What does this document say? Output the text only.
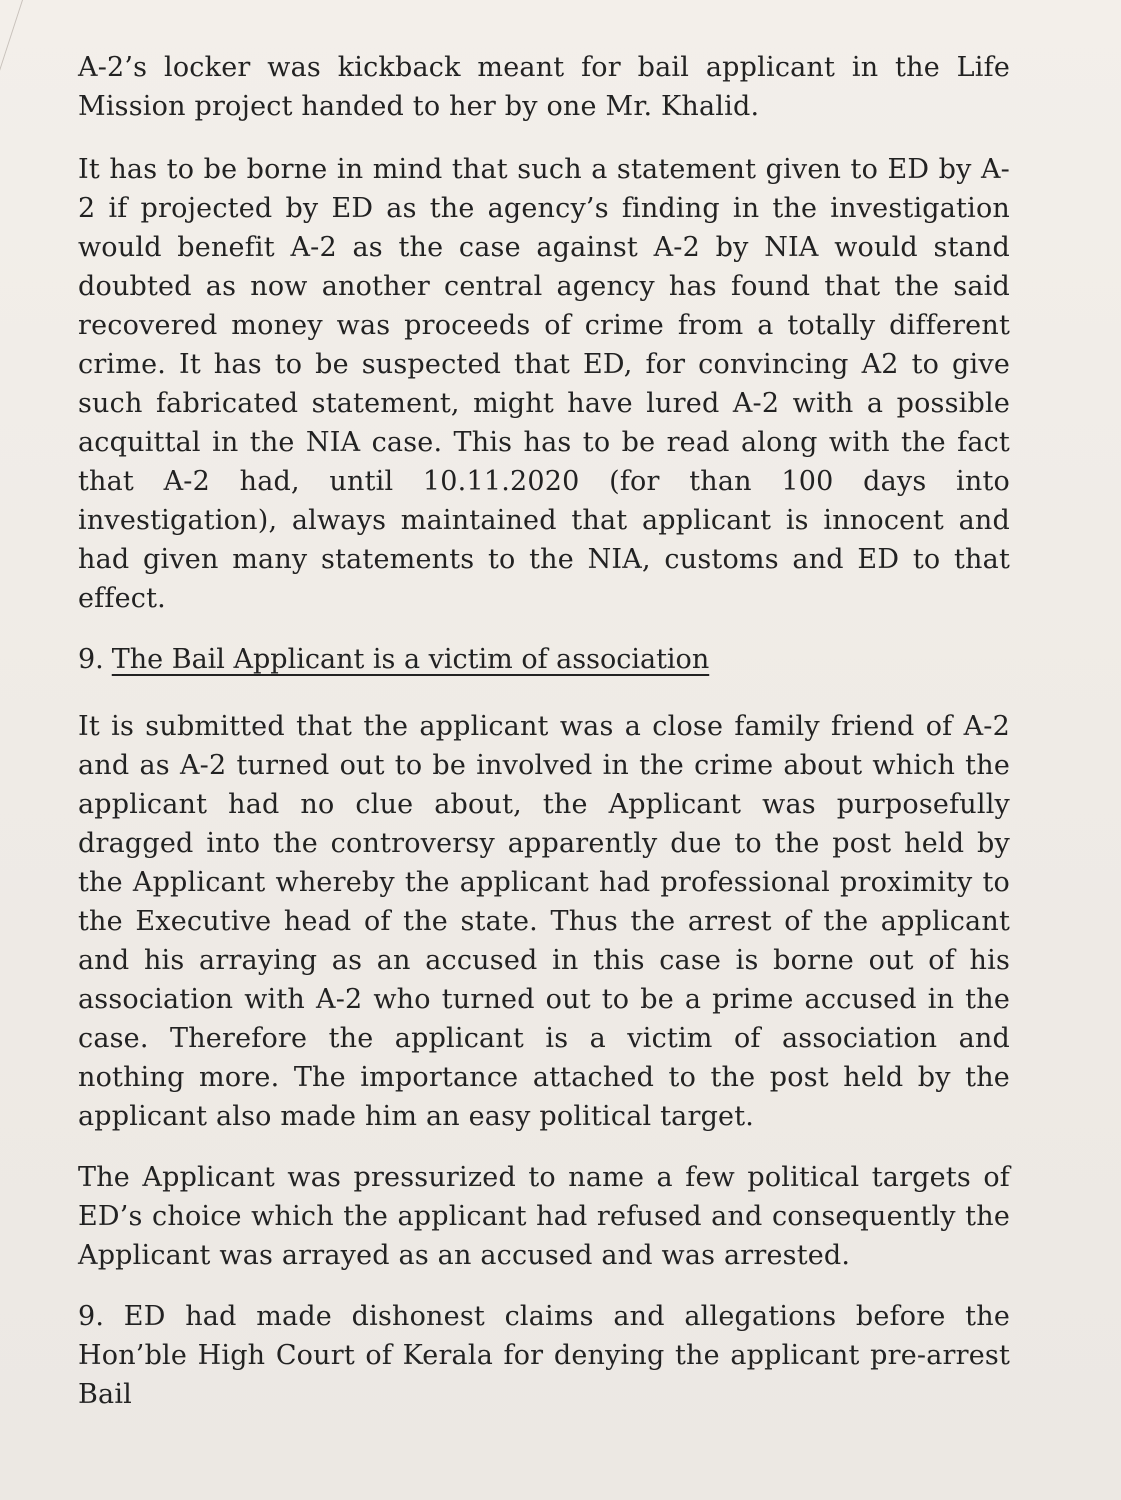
A-2’s locker was kickback meant for bail applicant in the Life Mission project handed to her by one Mr. Khalid.

It has to be borne in mind that such a statement given to ED by A-2 if projected by ED as the agency’s finding in the investigation would benefit A-2 as the case against A-2 by NIA would stand doubted as now another central agency has found that the said recovered money was proceeds of crime from a totally different crime. It has to be suspected that ED, for convincing A2 to give such fabricated statement, might have lured A-2 with a possible acquittal in the NIA case. This has to be read along with the fact that A-2 had, until 10.11.2020 (for than 100 days into investigation), always maintained that applicant is innocent and had given many statements to the NIA, customs and ED to that effect.

9. The Bail Applicant is a victim of association

It is submitted that the applicant was a close family friend of A-2 and as A-2 turned out to be involved in the crime about which the applicant had no clue about, the Applicant was purposefully dragged into the controversy apparently due to the post held by the Applicant whereby the applicant had professional proximity to the Executive head of the state. Thus the arrest of the applicant and his arraying as an accused in this case is borne out of his association with A-2 who turned out to be a prime accused in the case. Therefore the applicant is a victim of association and nothing more. The importance attached to the post held by the applicant also made him an easy political target.

The Applicant was pressurized to name a few political targets of ED’s choice which the applicant had refused and consequently the Applicant was arrayed as an accused and was arrested.

9. ED had made dishonest claims and allegations before the Hon’ble High Court of Kerala for denying the applicant pre-arrest Bail
